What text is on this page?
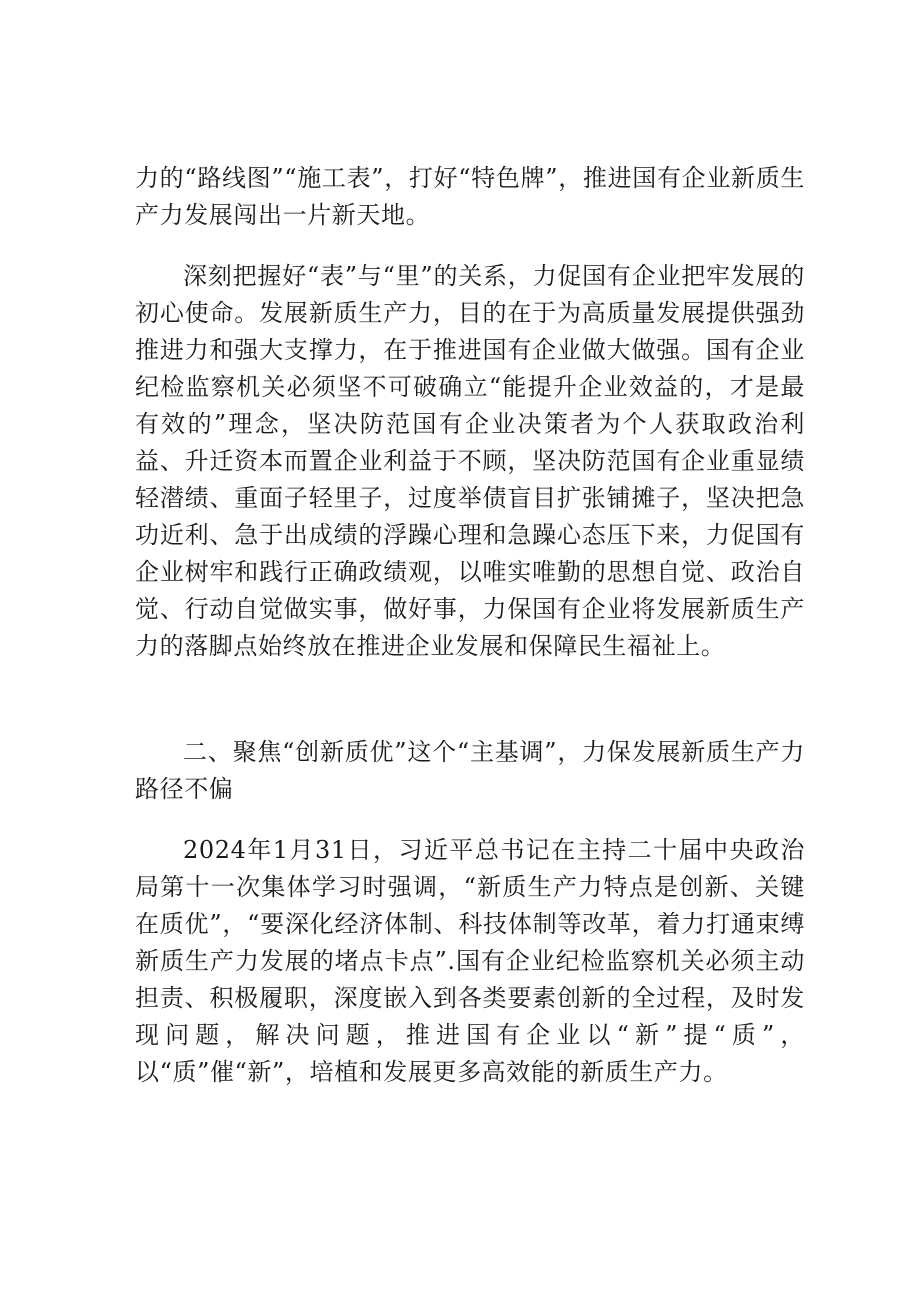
力的“路线图”“施工表”，打好“特色牌”，推进国有企业新质生产力发展闯出一片新天地。

深刻把握好“表”与“里”的关系，力促国有企业把牢发展的初心使命。发展新质生产力，目的在于为高质量发展提供强劲推进力和强大支撑力，在于推进国有企业做大做强。国有企业纪检监察机关必须坚不可破确立“能提升企业效益的，才是最有效的”理念，坚决防范国有企业决策者为个人获取政治利益、升迁资本而置企业利益于不顾，坚决防范国有企业重显绩轻潜绩、重面子轻里子，过度举债盲目扩张铺摊子，坚决把急功近利、急于出成绩的浮躁心理和急躁心态压下来，力促国有企业树牢和践行正确政绩观，以唯实唯勤的思想自觉、政治自觉、行动自觉做实事，做好事，力保国有企业将发展新质生产力的落脚点始终放在推进企业发展和保障民生福祉上。

二、聚焦“创新质优”这个“主基调”，力保发展新质生产力路径不偏

2024年1月31日，习近平总书记在主持二十届中央政治局第十一次集体学习时强调，“新质生产力特点是创新、关键在质优”，“要深化经济体制、科技体制等改革，着力打通束缚新质生产力发展的堵点卡点”.国有企业纪检监察机关必须主动担责、积极履职，深度嵌入到各类要素创新的全过程，及时发现问题，解决问题，推进国有企业以“新”提“质”，以“质”催“新”，培植和发展更多高效能的新质生产力。
